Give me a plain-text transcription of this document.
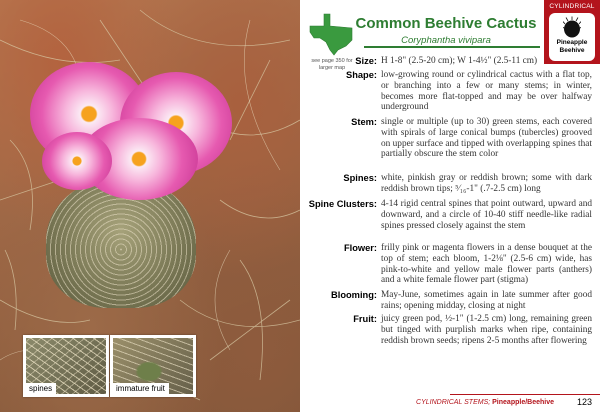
spines	immature fruit
see page 350 for larger map
Common Beehive Cactus
Coryphantha vivipara
CYLINDRICAL
Pineapple Beehive
Size: H 1-8" (2.5-20 cm); W 1-4½" (2.5-11 cm)
Shape: low-growing round or cylindrical cactus with a flat top, or branching into a few or many stems; in winter, becomes more flat-topped and may be over halfway underground
Stem: single or multiple (up to 30) green stems, each covered with spirals of large conical bumps (tubercles) grooved on upper surface and tipped with overlapping spines that partially obscure the stem color
Spines: white, pinkish gray or reddish brown; some with dark reddish brown tips; ⁵⁄₁₆-1" (.7-2.5 cm) long
Spine Clusters: 4-14 rigid central spines that point outward, upward and downward, and a circle of 10-40 stiff needle-like radial spines pressed closely against the stem
Flower: frilly pink or magenta flowers in a dense bouquet at the top of stem; each bloom, 1-2⅛" (2.5-6 cm) wide, has pink-to-white and yellow male flower parts (anthers) and a white female flower part (stigma)
Blooming: May-June, sometimes again in late summer after good rains; opening midday, closing at night
Fruit: juicy green pod, ½-1" (1-2.5 cm) long, remaining green but tinged with purplish marks when ripe, containing reddish brown seeds; ripens 2-5 months after flowering
CYLINDRICAL STEMS; Pineapple/Beehive	123
